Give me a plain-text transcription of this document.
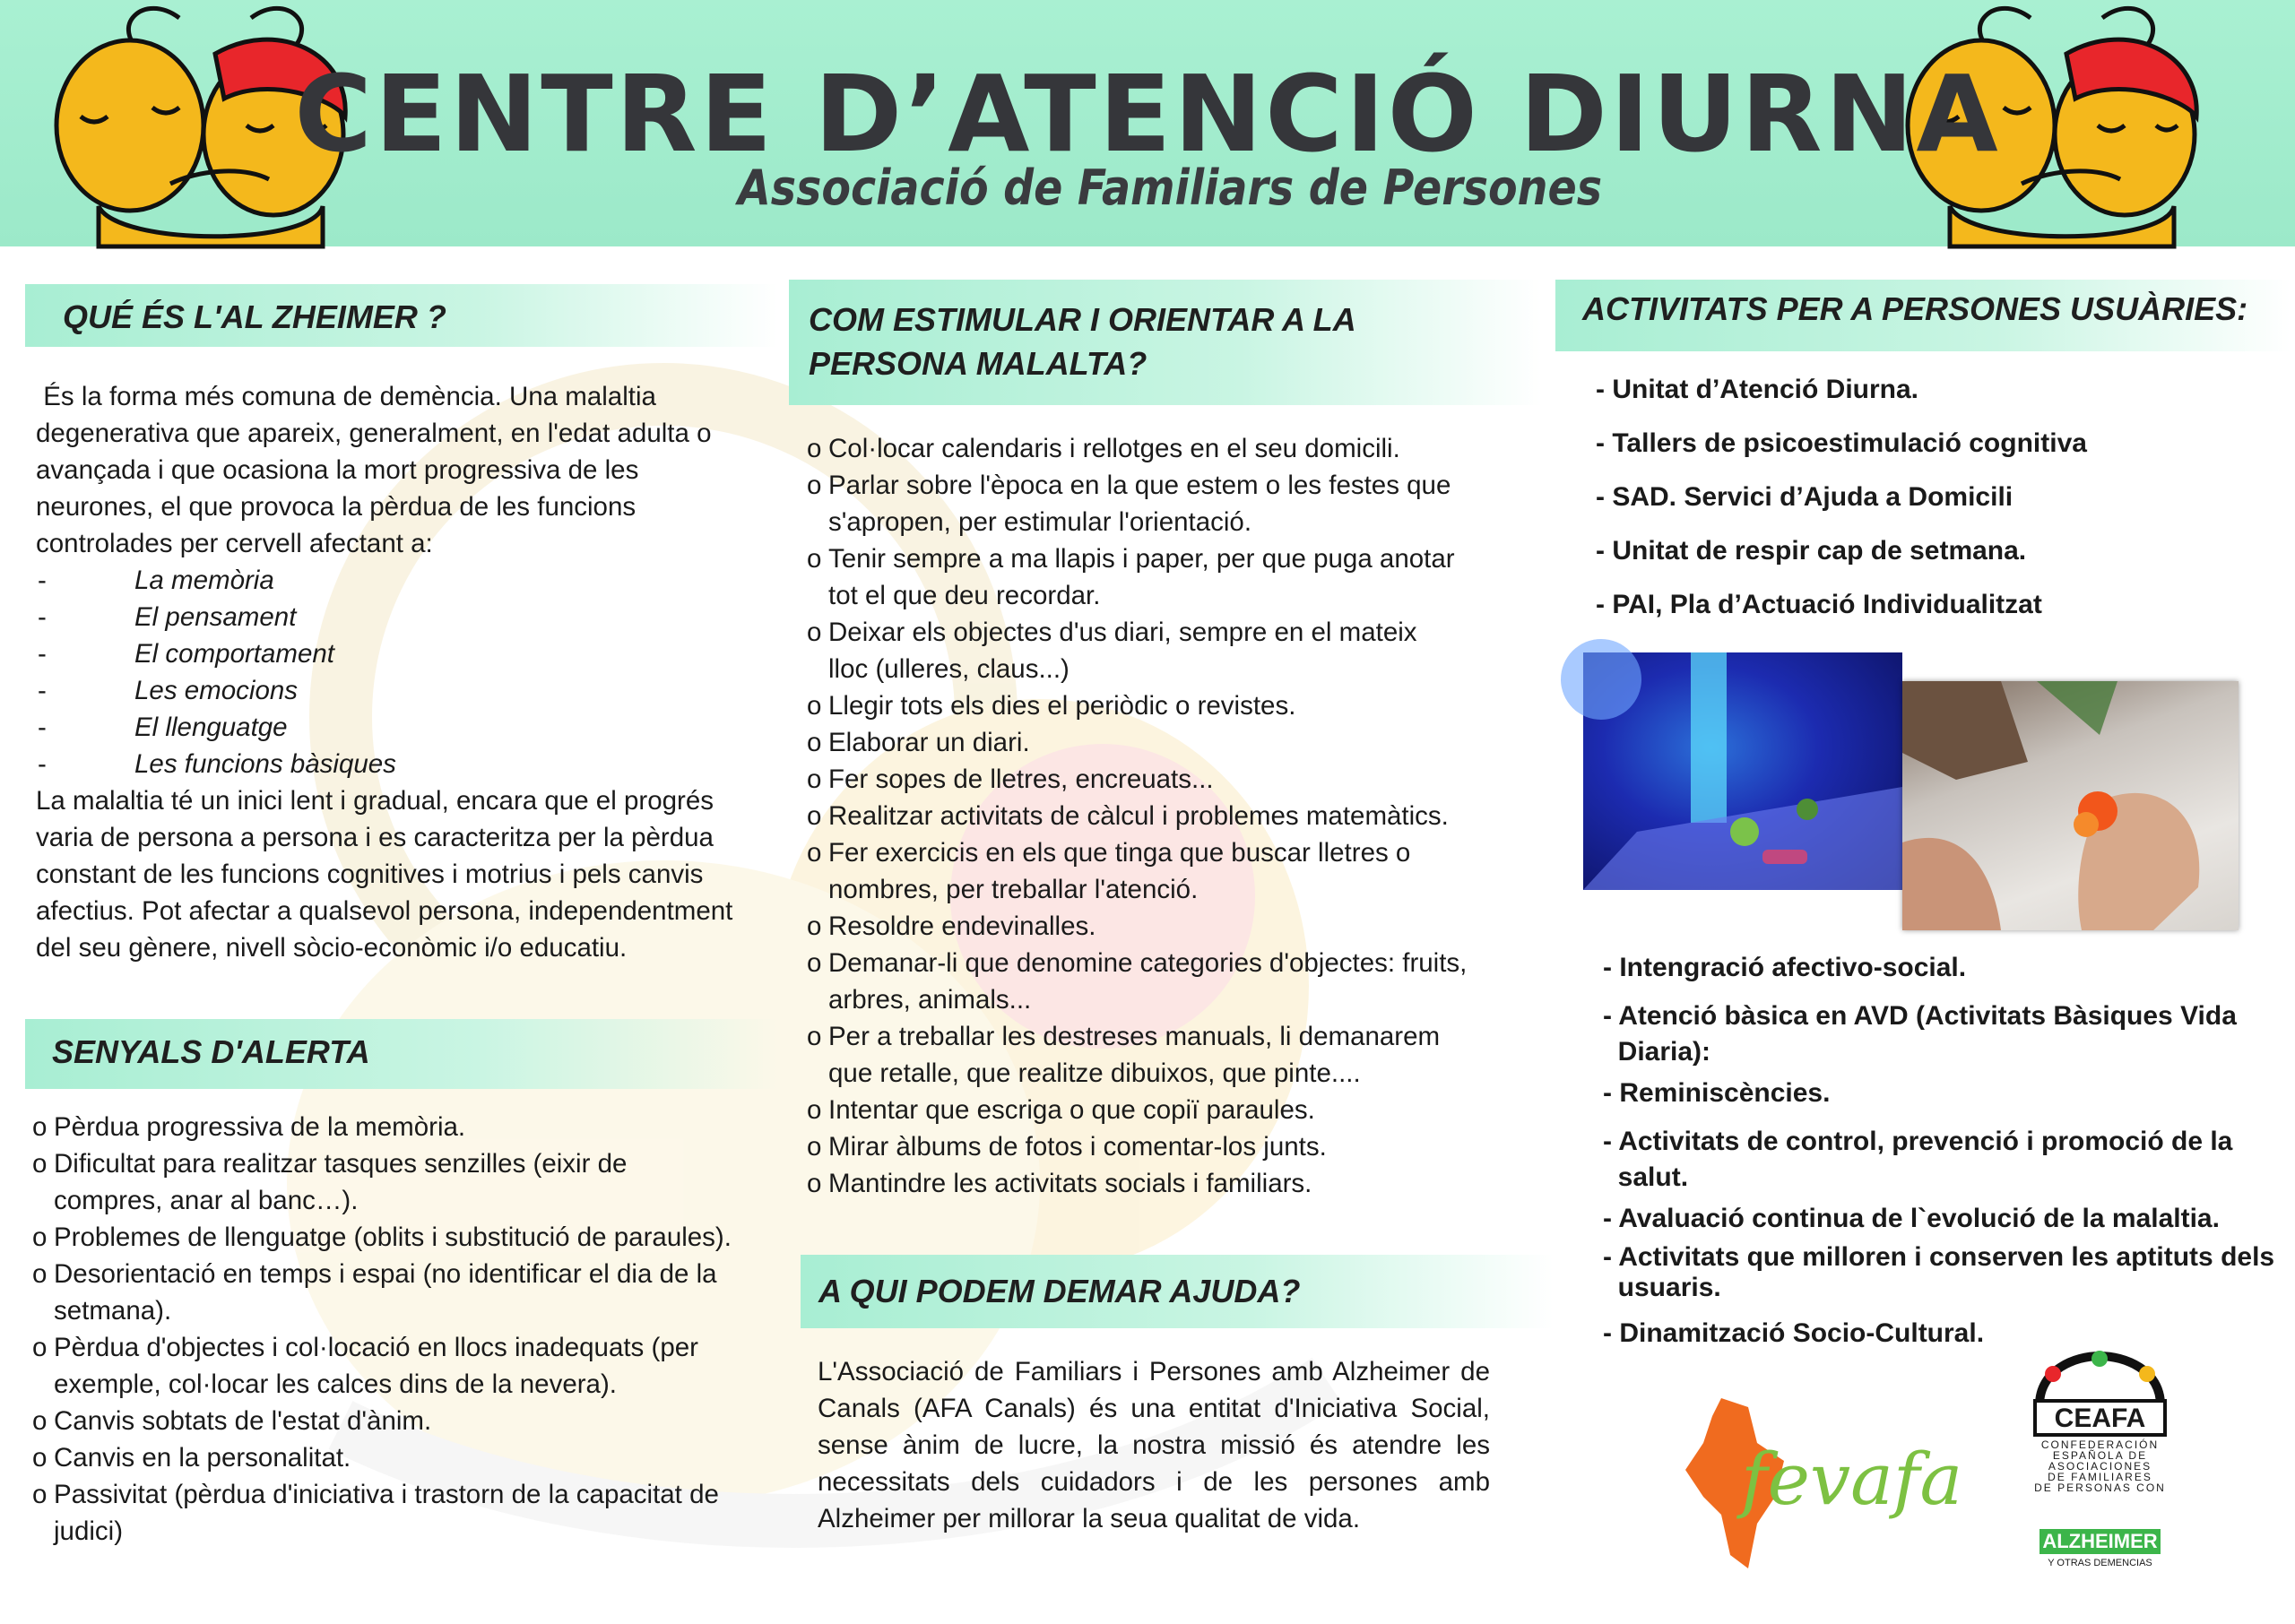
CENTRE D’ATENCIÓ DIURNA
Associació de Familiars de Persones
QUÉ ÉS L'AL ZHEIMER ?
És la forma més comuna de demència. Una malaltia
degenerativa que apareix, generalment, en l'edat adulta o
avançada i que ocasiona la mort progressiva de les
neurones, el que provoca la pèrdua de les funcions
controlades per cervell afectant a:
- La memòria
- El pensament
- El comportament
- Les emocions
- El llenguatge
- Les funcions bàsiques
La malaltia té un inici lent i gradual, encara que el progrés
varia de persona a persona i es caracteritza per la pèrdua
constant de les funcions cognitives i motrius i pels canvis
afectius. Pot afectar a qualsevol persona, independentment
del seu gènere, nivell sòcio-econòmic i/o educatiu.
SENYALS D'ALERTA
o Pèrdua progressiva de la memòria.
o Dificultat para realitzar tasques senzilles (eixir de
compres, anar al banc…).
o Problemes de llenguatge (oblits i substitució de paraules).
o Desorientació en temps i espai (no identificar el dia de la
setmana).
o Pèrdua d'objectes i col·locació en llocs inadequats (per
exemple, col·locar les calces dins de la nevera).
o Canvis sobtats de l'estat d'ànim.
o Canvis en la personalitat.
o Passivitat (pèrdua d'iniciativa i trastorn de la capacitat de
judici)
COM ESTIMULAR I ORIENTAR A LA
PERSONA MALALTA?
o Col·locar calendaris i rellotges en el seu domicili.
o Parlar sobre l'època en la que estem o les festes que
s'apropen, per estimular l'orientació.
o Tenir sempre a ma llapis i paper, per que puga anotar
tot el que deu recordar.
o Deixar els objectes d'us diari, sempre en el mateix
lloc (ulleres, claus...)
o Llegir tots els dies el periòdic o revistes.
o Elaborar un diari.
o Fer sopes de lletres, encreuats...
o Realitzar activitats de càlcul i problemes matemàtics.
o Fer exercicis en els que tinga que buscar lletres o
nombres, per treballar l'atenció.
o Resoldre endevinalles.
o Demanar-li que denomine categories d'objectes: fruits,
arbres, animals...
o Per a treballar les destreses manuals, li demanarem
que retalle, que realitze dibuixos, que pinte....
o Intentar que escriga o que copiï paraules.
o Mirar àlbums de fotos i comentar-los junts.
o Mantindre les activitats socials i familiars.
A QUI PODEM DEMAR AJUDA?
L'Associació de Familiars i Persones amb Alzheimer de Canals (AFA Canals) és una entitat d'Iniciativa Social, sense ànim de lucre, la nostra missió és atendre les necessitats dels cuidadors i de les persones amb Alzheimer per millorar la seua qualitat de vida.
ACTIVITATS PER A PERSONES USUÀRIES:
- Unitat d’Atenció Diurna.
- Tallers de psicoestimulació cognitiva
- SAD. Servici d’Ajuda a Domicili
- Unitat de respir cap de setmana.
- PAI, Pla d’Actuació Individualitzat
- Intengració afectivo-social.
- Atenció bàsica en AVD (Activitats Bàsiques Vida
Diaria):
- Reminiscències.
- Activitats de control, prevenció i promoció de la
salut.
- Avaluació continua de l`evolució de la malaltia.
- Activitats que milloren i conserven les aptituts dels
usuaris.
- Dinamització Socio-Cultural.
fevafa
CEAFA
CONFEDERACIÓN
ESPAÑOLA DE
ASOCIACIONES
DE FAMILIARES
DE PERSONAS CON
ALZHEIMER
Y OTRAS DEMENCIAS
